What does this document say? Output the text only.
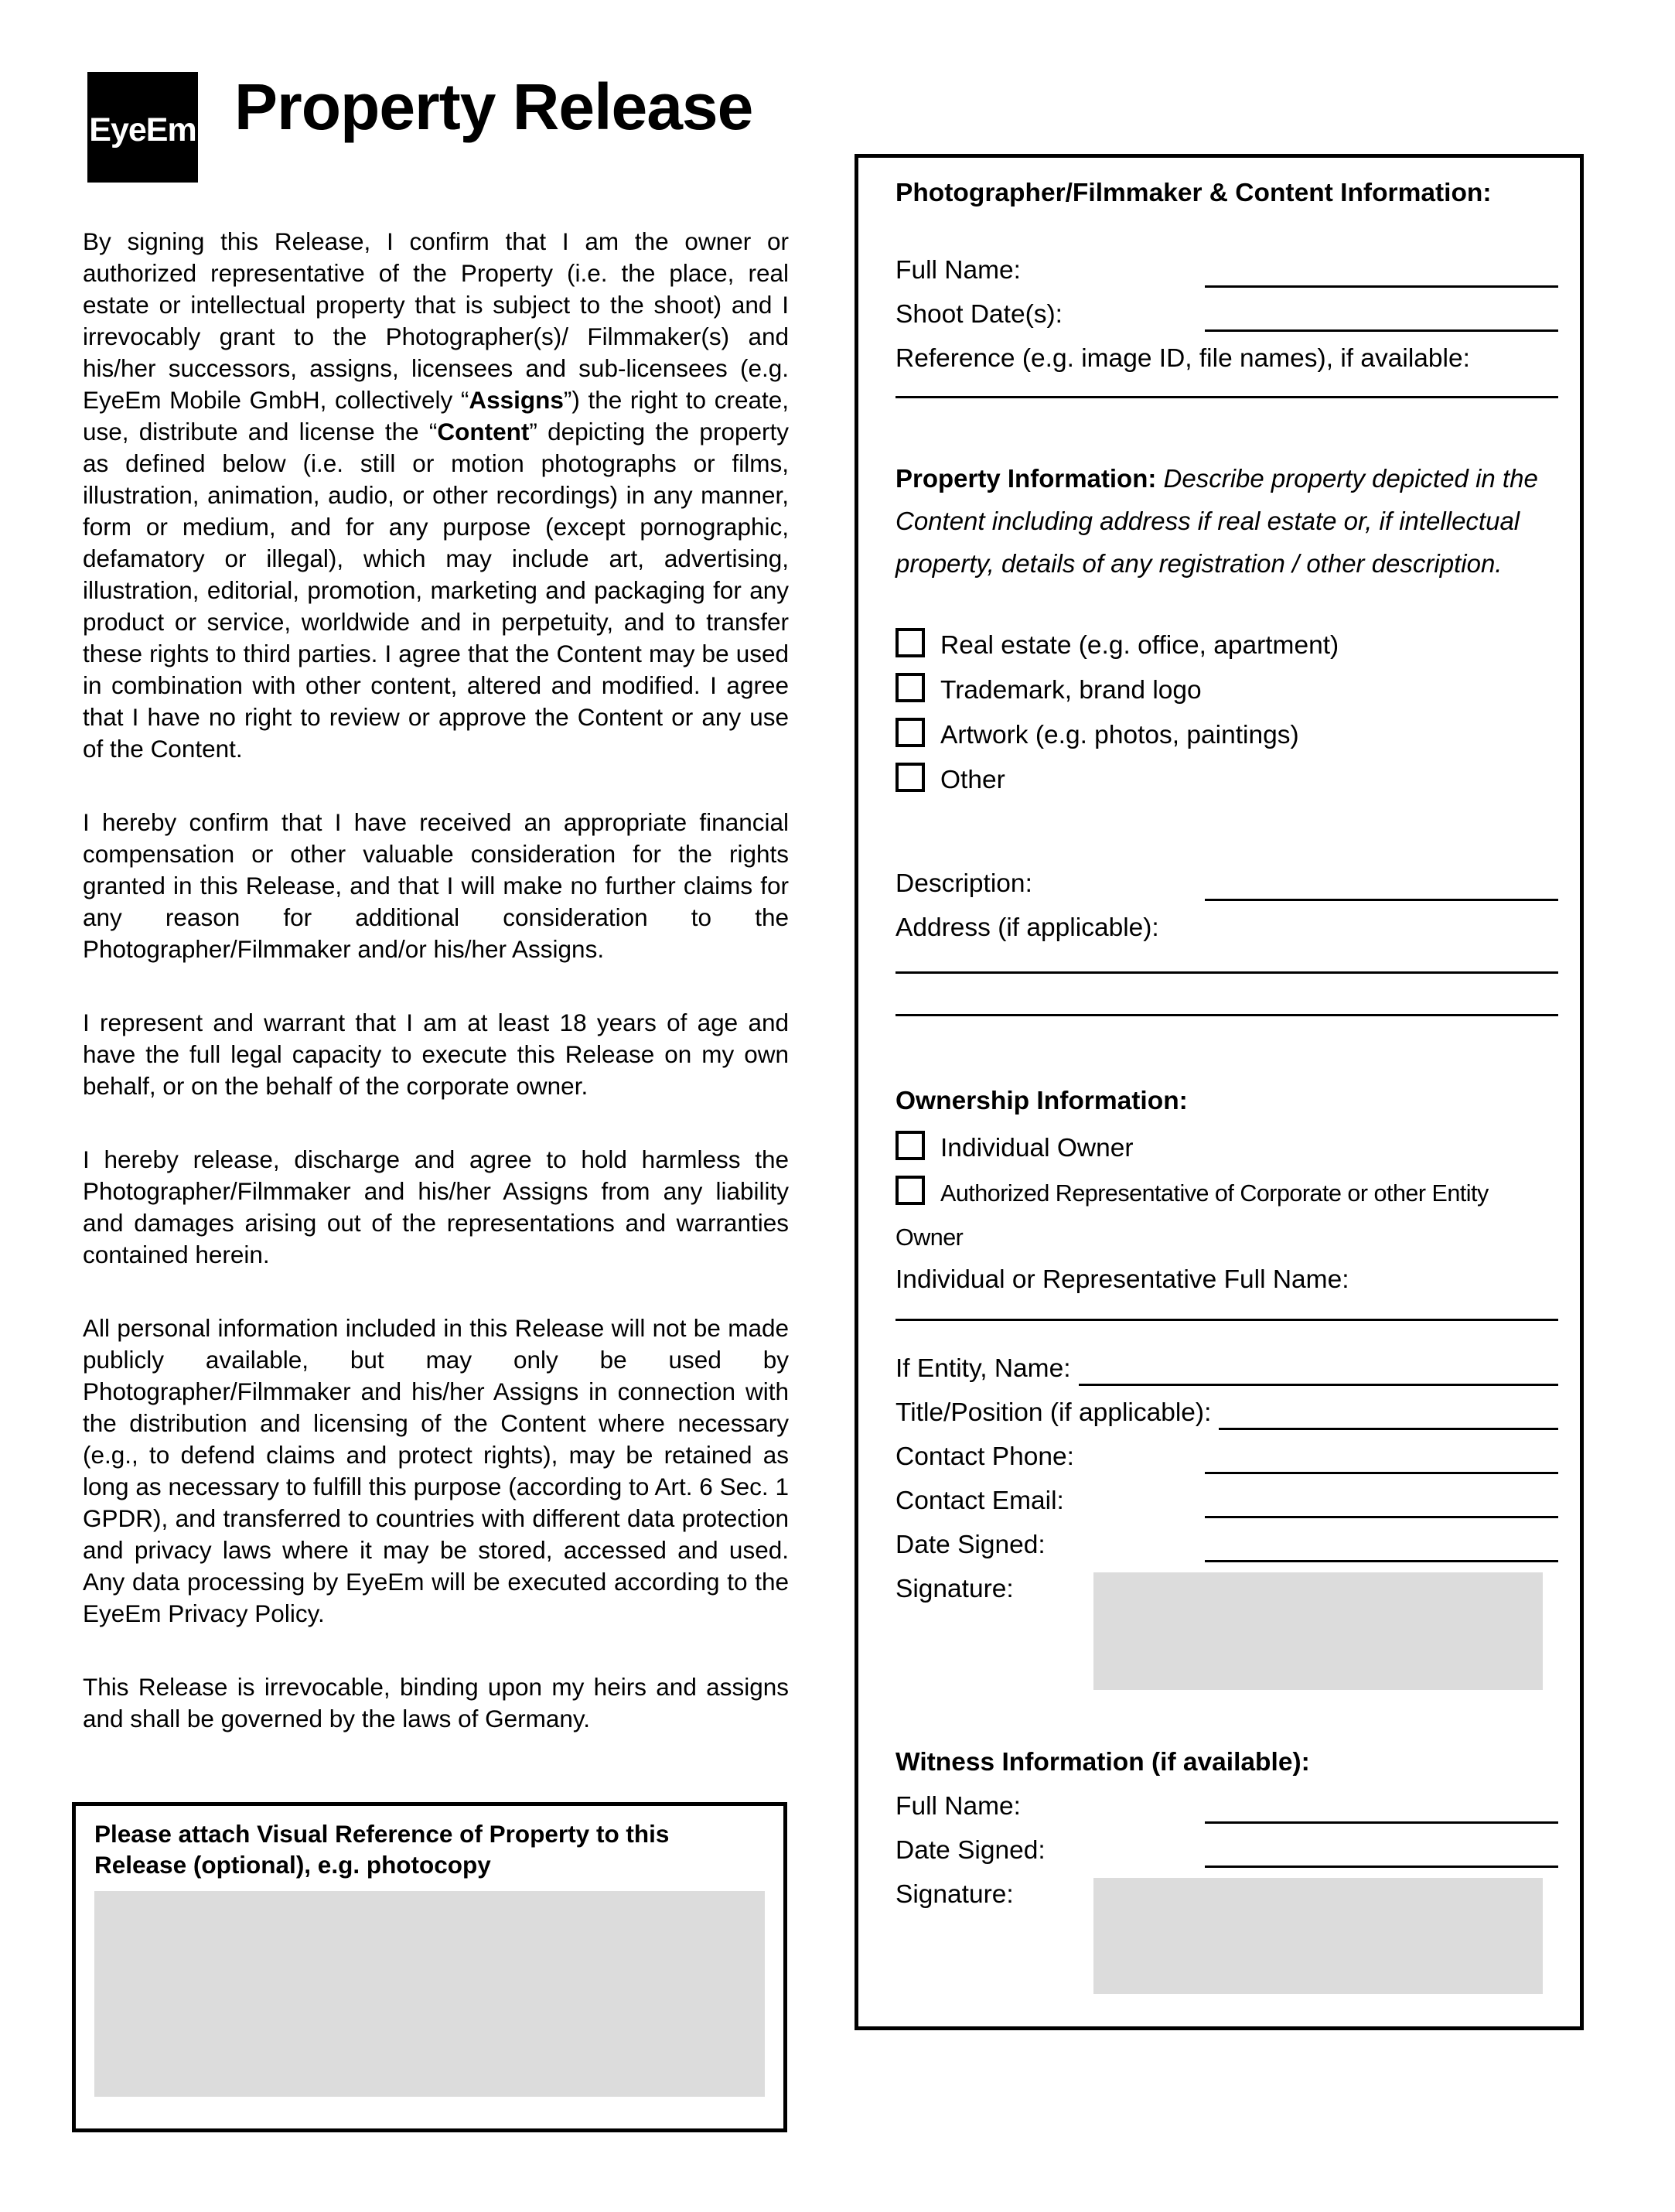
EyeEm Property Release

By signing this Release, I confirm that I am the owner or authorized representative of the Property (i.e. the place, real estate or intellectual property that is subject to the shoot) and I irrevocably grant to the Photographer(s)/ Filmmaker(s) and his/her successors, assigns, licensees and sub-licensees (e.g. EyeEm Mobile GmbH, collectively “Assigns”) the right to create, use, distribute and license the “Content” depicting the property as defined below (i.e. still or motion photographs or films, illustration, animation, audio, or other recordings) in any manner, form or medium, and for any purpose (except pornographic, defamatory or illegal), which may include art, advertising, illustration, editorial, promotion, marketing and packaging for any product or service, worldwide and in perpetuity, and to transfer these rights to third parties. I agree that the Content may be used in combination with other content, altered and modified. I agree that I have no right to review or approve the Content or any use of the Content.

I hereby confirm that I have received an appropriate financial compensation or other valuable consideration for the rights granted in this Release, and that I will make no further claims for any reason for additional consideration to the Photographer/Filmmaker and/or his/her Assigns.

I represent and warrant that I am at least 18 years of age and have the full legal capacity to execute this Release on my own behalf, or on the behalf of the corporate owner.

I hereby release, discharge and agree to hold harmless the Photographer/Filmmaker and his/her Assigns from any liability and damages arising out of the representations and warranties contained herein.

All personal information included in this Release will not be made publicly available, but may only be used by Photographer/Filmmaker and his/her Assigns in connection with the distribution and licensing of the Content where necessary (e.g., to defend claims and protect rights), may be retained as long as necessary to fulfill this purpose (according to Art. 6 Sec. 1 GPDR), and transferred to countries with different data protection and privacy laws where it may be stored, accessed and used. Any data processing by EyeEm will be executed according to the EyeEm Privacy Policy.

This Release is irrevocable, binding upon my heirs and assigns and shall be governed by the laws of Germany.

Please attach Visual Reference of Property to this Release (optional), e.g. photocopy
Photographer/Filmmaker & Content Information:
Full Name:
Shoot Date(s):
Reference (e.g. image ID, file names), if available:
Property Information: Describe property depicted in the Content including address if real estate or, if intellectual property, details of any registration / other description.
Real estate (e.g. office, apartment)
Trademark, brand logo
Artwork (e.g. photos, paintings)
Other
Description:
Address (if applicable):
Ownership Information:
Individual Owner
Authorized Representative of Corporate or other Entity Owner
Individual or Representative Full Name:
If Entity, Name:
Title/Position (if applicable):
Contact Phone:
Contact Email:
Date Signed:
Signature:
Witness Information (if available):
Full Name:
Date Signed:
Signature:
